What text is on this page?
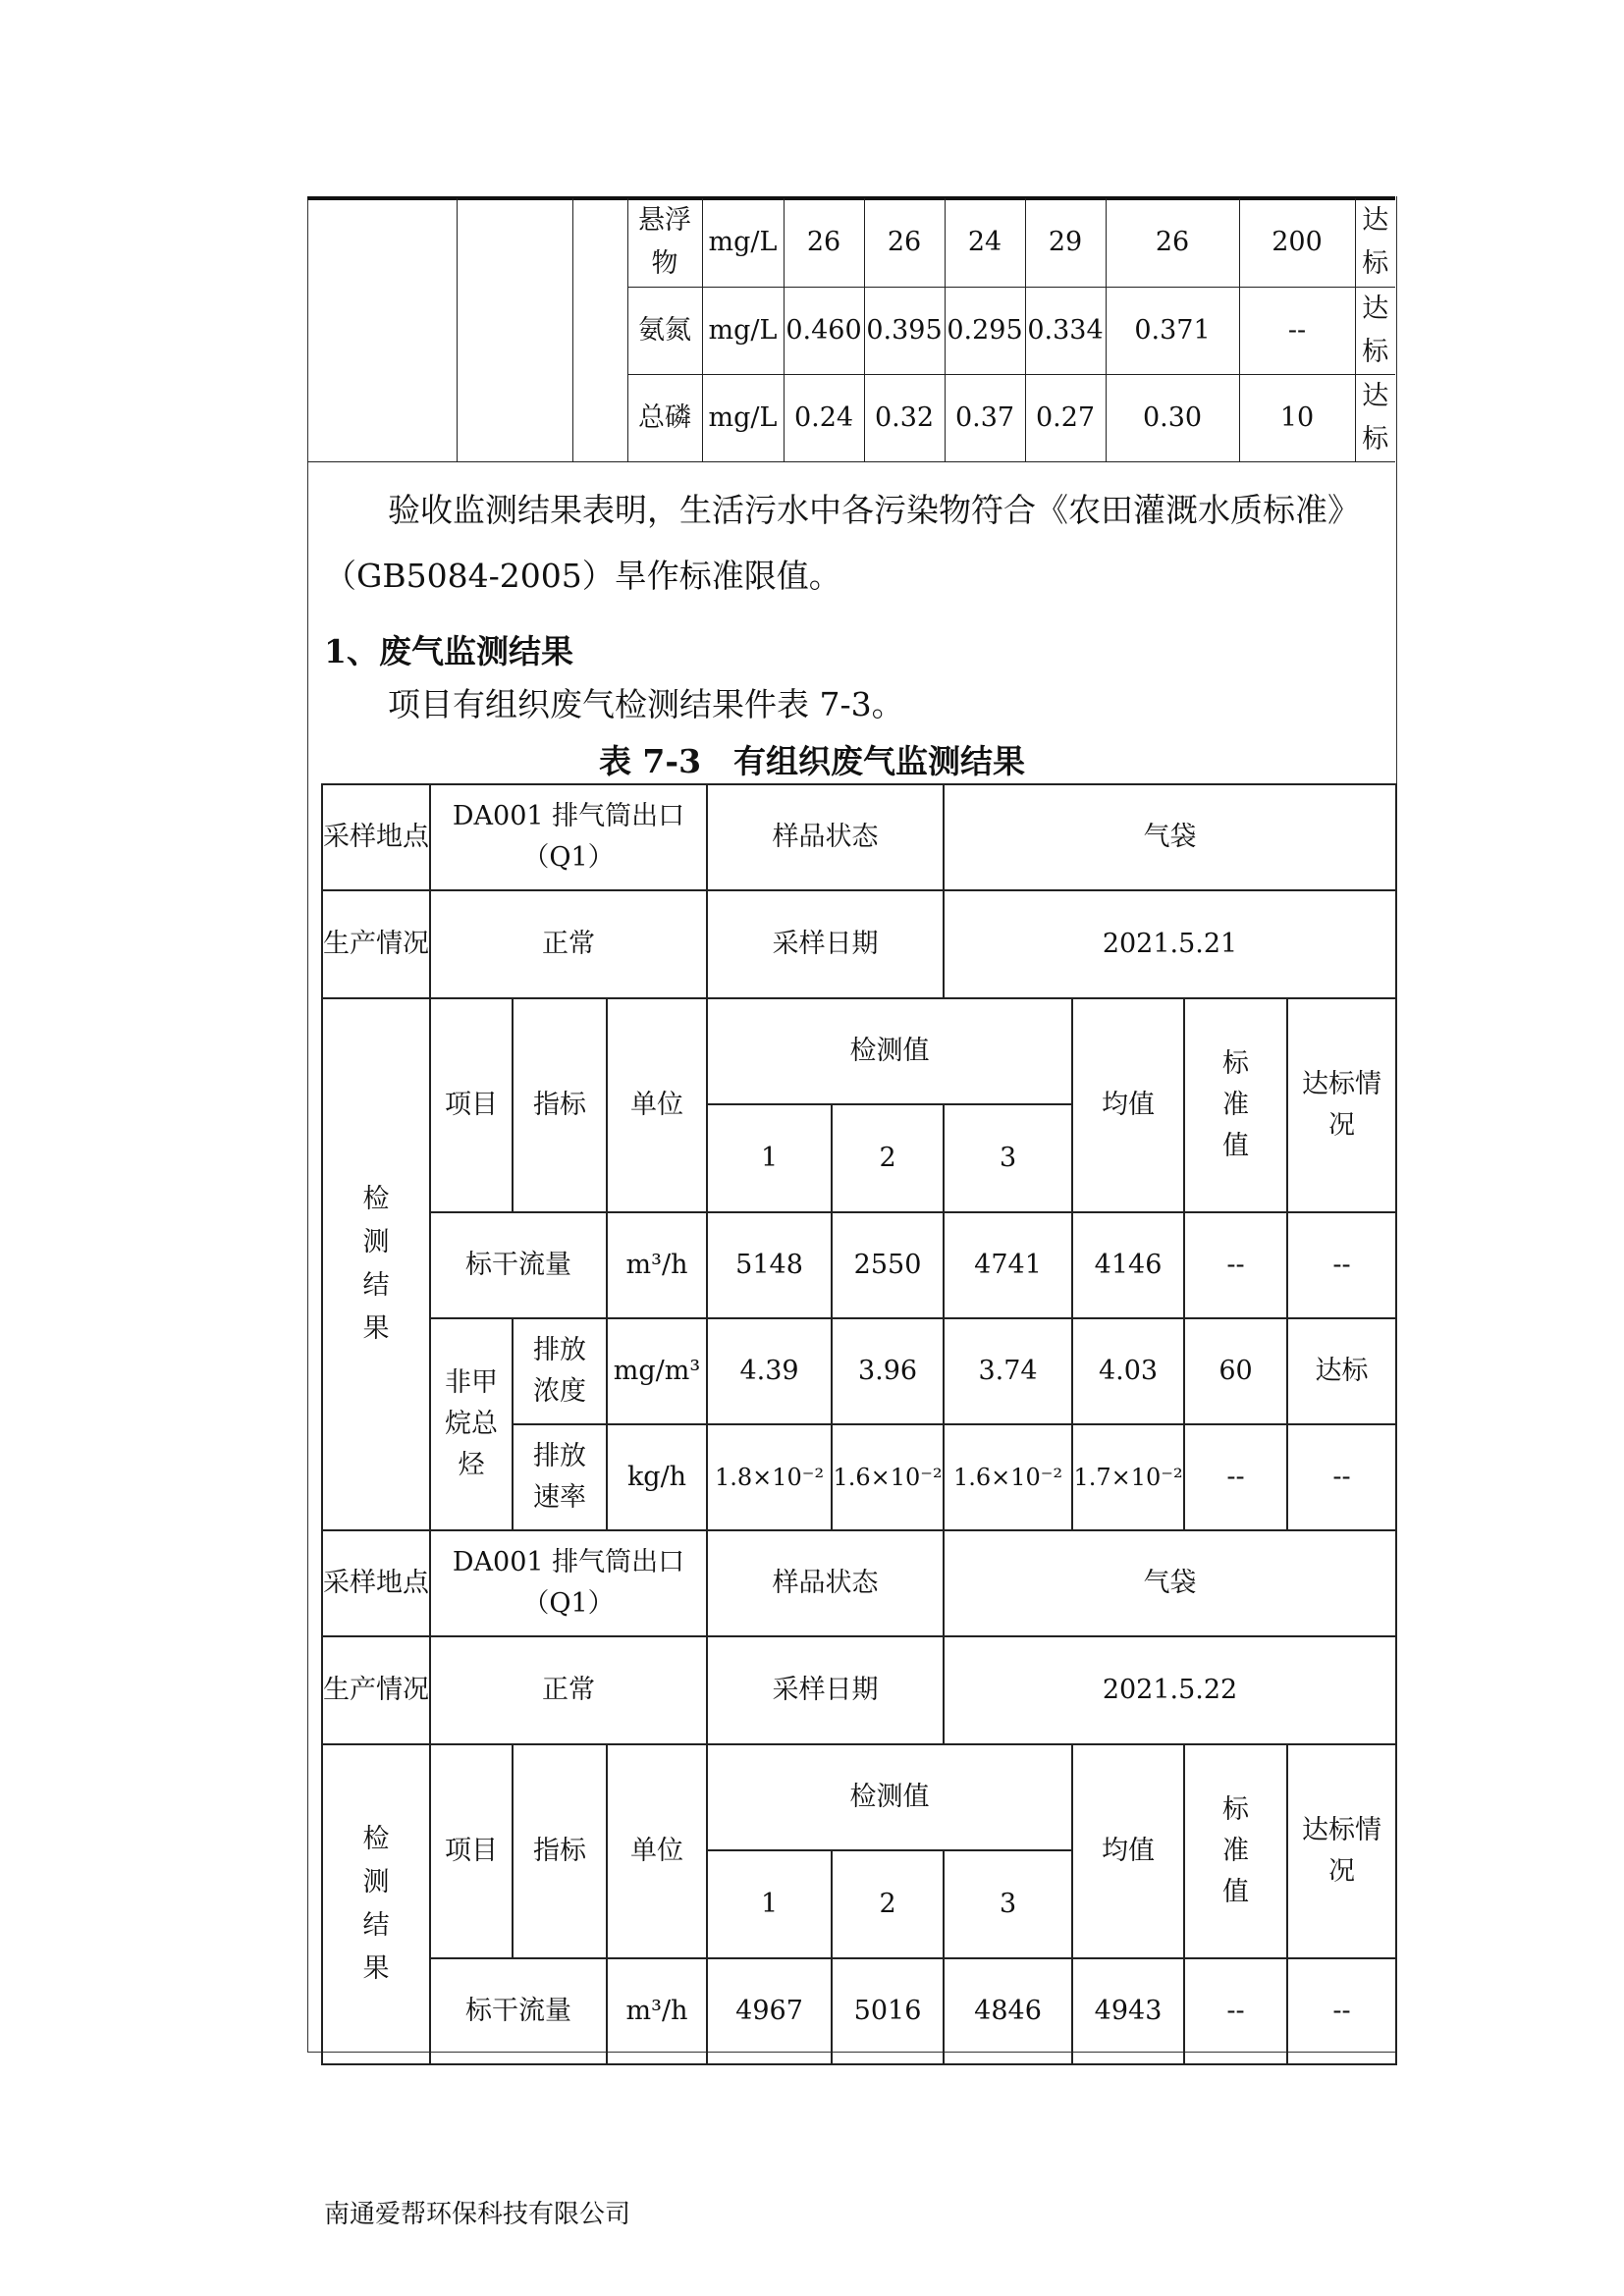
			悬浮物	mg/L	26	26	24	29	26	200	达标
			氨氮	mg/L	0.460	0.395	0.295	0.334	0.371	--	达标
			总磷	mg/L	0.24	0.32	0.37	0.27	0.30	10	达标
验收监测结果表明，生活污水中各污染物符合《农田灌溉水质标准》
（GB5084-2005）旱作标准限值。
1、废气监测结果
项目有组织废气检测结果件表 7-3。
表 7-3　有组织废气监测结果
采样地点	DA001 排气筒出口（Q1）			样品状态		气袋			
生产情况	正常			采样日期		2021.5.21			
检测结果	项目	指标	单位	检测值			均值	标准值	达标情况
				1	2	3			
	标干流量		m³/h	5148	2550	4741	4146	--	--
	非甲烷总烃	排放浓度	mg/m³	4.39	3.96	3.74	4.03	60	达标
		排放速率	kg/h	1.8×10⁻²	1.6×10⁻²	1.6×10⁻²	1.7×10⁻²	--	--
采样地点	DA001 排气筒出口（Q1）			样品状态		气袋			
生产情况	正常			采样日期		2021.5.22			
检测结果	项目	指标	单位	检测值			均值	标准值	达标情况
				1	2	3			
	标干流量		m³/h	4967	5016	4846	4943	--	--
南通爱帮环保科技有限公司
